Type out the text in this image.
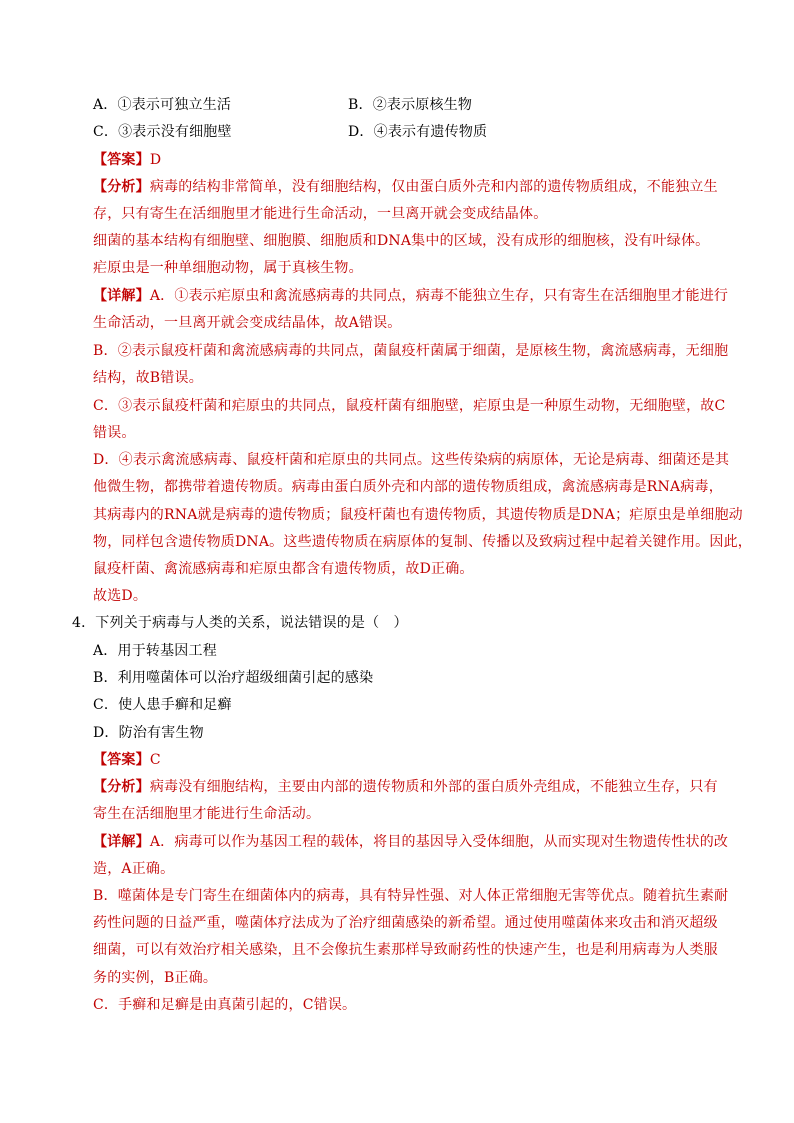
A．①表示可独立生活	B．②表示原核生物
C．③表示没有细胞壁	D．④表示有遗传物质
【答案】D
【分析】病毒的结构非常简单，没有细胞结构，仅由蛋白质外壳和内部的遗传物质组成，不能独立生
存，只有寄生在活细胞里才能进行生命活动，一旦离开就会变成结晶体。
细菌的基本结构有细胞壁、细胞膜、细胞质和DNA集中的区域，没有成形的细胞核，没有叶绿体。
疟原虫是一种单细胞动物，属于真核生物。
【详解】A．①表示疟原虫和禽流感病毒的共同点，病毒不能独立生存，只有寄生在活细胞里才能进行
生命活动，一旦离开就会变成结晶体，故A错误。
B．②表示鼠疫杆菌和禽流感病毒的共同点，菌鼠疫杆菌属于细菌，是原核生物，禽流感病毒，无细胞
结构，故B错误。
C．③表示鼠疫杆菌和疟原虫的共同点，鼠疫杆菌有细胞壁，疟原虫是一种原生动物，无细胞壁，故C
错误。
D．④表示禽流感病毒、鼠疫杆菌和疟原虫的共同点。这些传染病的病原体，无论是病毒、细菌还是其
他微生物，都携带着遗传物质。病毒由蛋白质外壳和内部的遗传物质组成，禽流感病毒是RNA病毒，
其病毒内的RNA就是病毒的遗传物质；鼠疫杆菌也有遗传物质，其遗传物质是DNA；疟原虫是单细胞动
物，同样包含遗传物质DNA。这些遗传物质在病原体的复制、传播以及致病过程中起着关键作用。因此，
鼠疫杆菌、禽流感病毒和疟原虫都含有遗传物质，故D正确。
故选D。
4．下列关于病毒与人类的关系，说法错误的是（　）
A．用于转基因工程
B．利用噬菌体可以治疗超级细菌引起的感染
C．使人患手癣和足癣
D．防治有害生物
【答案】C
【分析】病毒没有细胞结构，主要由内部的遗传物质和外部的蛋白质外壳组成，不能独立生存，只有
寄生在活细胞里才能进行生命活动。
【详解】A．病毒可以作为基因工程的载体，将目的基因导入受体细胞，从而实现对生物遗传性状的改
造，A正确。
B．噬菌体是专门寄生在细菌体内的病毒，具有特异性强、对人体正常细胞无害等优点。随着抗生素耐
药性问题的日益严重，噬菌体疗法成为了治疗细菌感染的新希望。通过使用噬菌体来攻击和消灭超级
细菌，可以有效治疗相关感染，且不会像抗生素那样导致耐药性的快速产生，也是利用病毒为人类服
务的实例，B正确。
C．手癣和足癣是由真菌引起的，C错误。
